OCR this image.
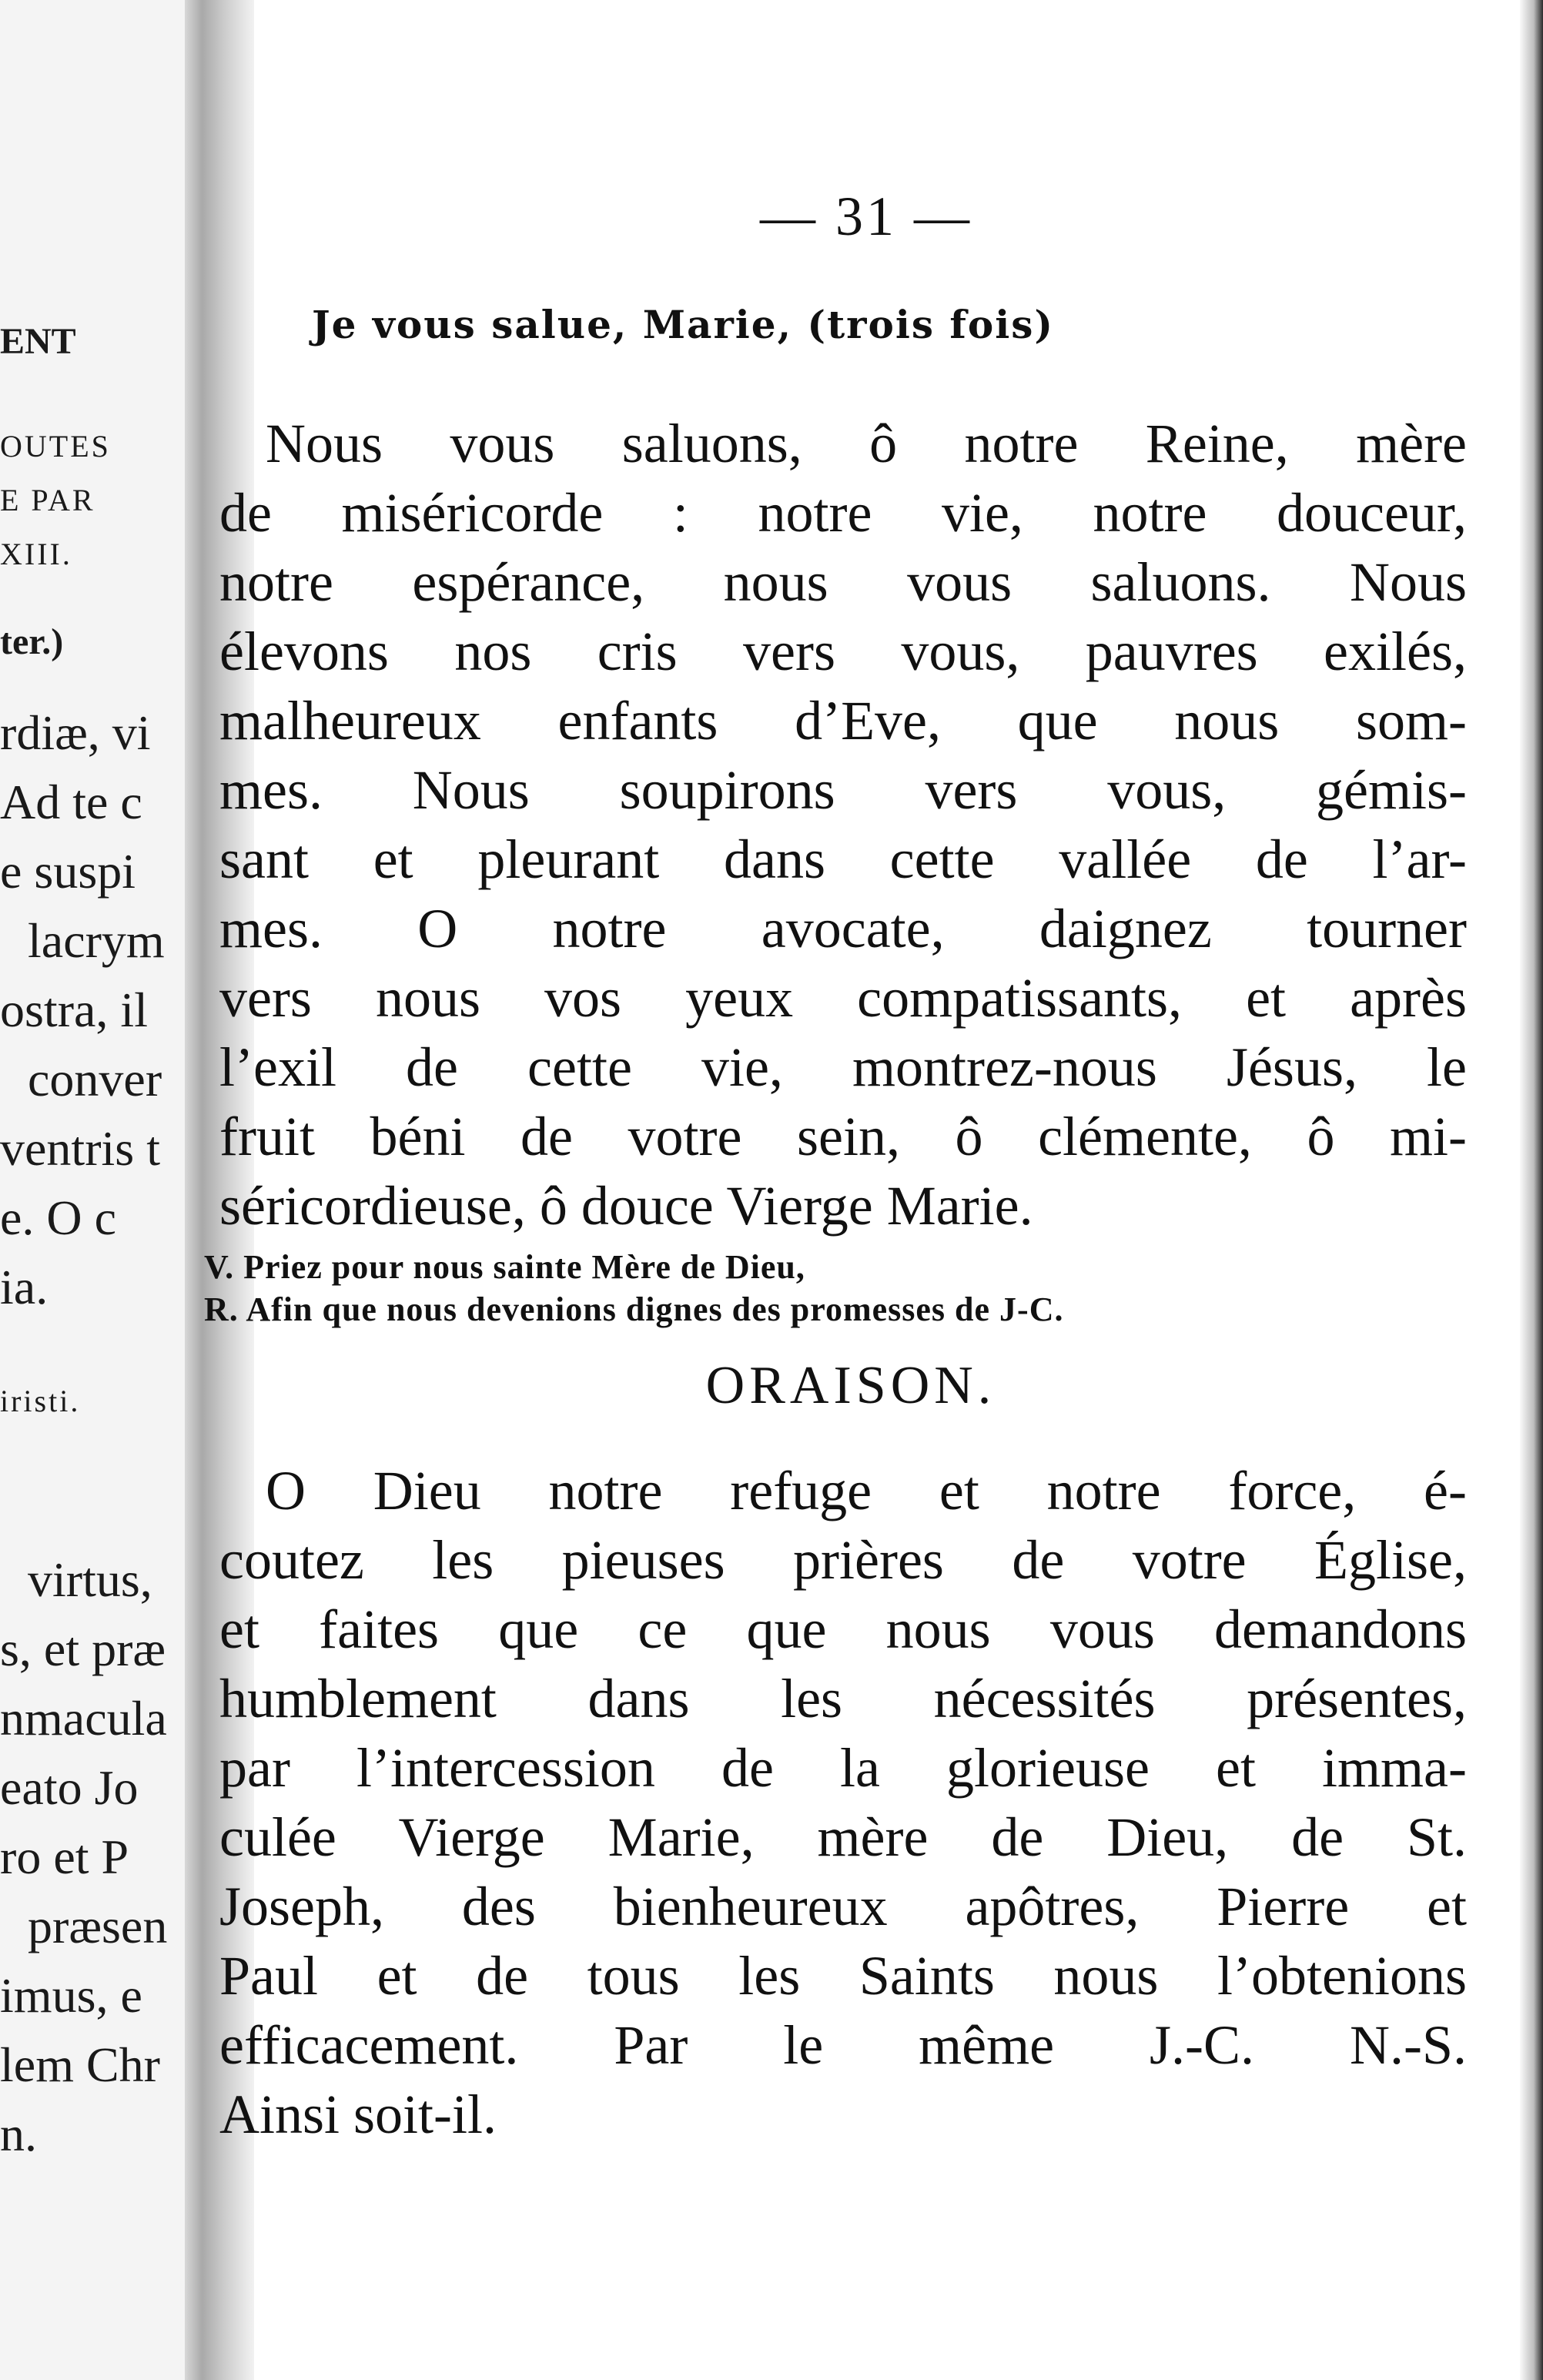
ENT
OUTES
E PAR
XIII.
ter.)
rdiæ, vi
Ad te c
e suspi
lacrym
ostra, il
conver
ventris t
e. O c
ia.
iristi.
virtus,
s, et præ
nmacula
eato Jo
ro et P
præsen
imus, e
lem Chr
n.
— 31 —
Je vous salue, Marie, (trois fois)
Nous vous saluons, ô notre Reine, mère
de miséricorde : notre vie, notre douceur,
notre espérance, nous vous saluons. Nous
élevons nos cris vers vous, pauvres exilés,
malheureux enfants d’Eve, que nous som-
mes. Nous soupirons vers vous, gémis-
sant et pleurant dans cette vallée de l’ar-
mes. O notre avocate, daignez tourner
vers nous vos yeux compatissants, et après
l’exil de cette vie, montrez-nous Jésus, le
fruit béni de votre sein, ô clémente, ô mi-
séricordieuse, ô douce Vierge Marie.
V. Priez pour nous sainte Mère de Dieu,
R. Afin que nous devenions dignes des promesses de J-C.
ORAISON.
O Dieu notre refuge et notre force, é-
coutez les pieuses prières de votre Église,
et faites que ce que nous vous demandons
humblement dans les nécessités présentes,
par l’intercession de la glorieuse et imma-
culée Vierge Marie, mère de Dieu, de St.
Joseph, des bienheureux apôtres, Pierre et
Paul et de tous les Saints nous l’obtenions
efficacement. Par le même J.-C. N.-S.
Ainsi soit-il.
